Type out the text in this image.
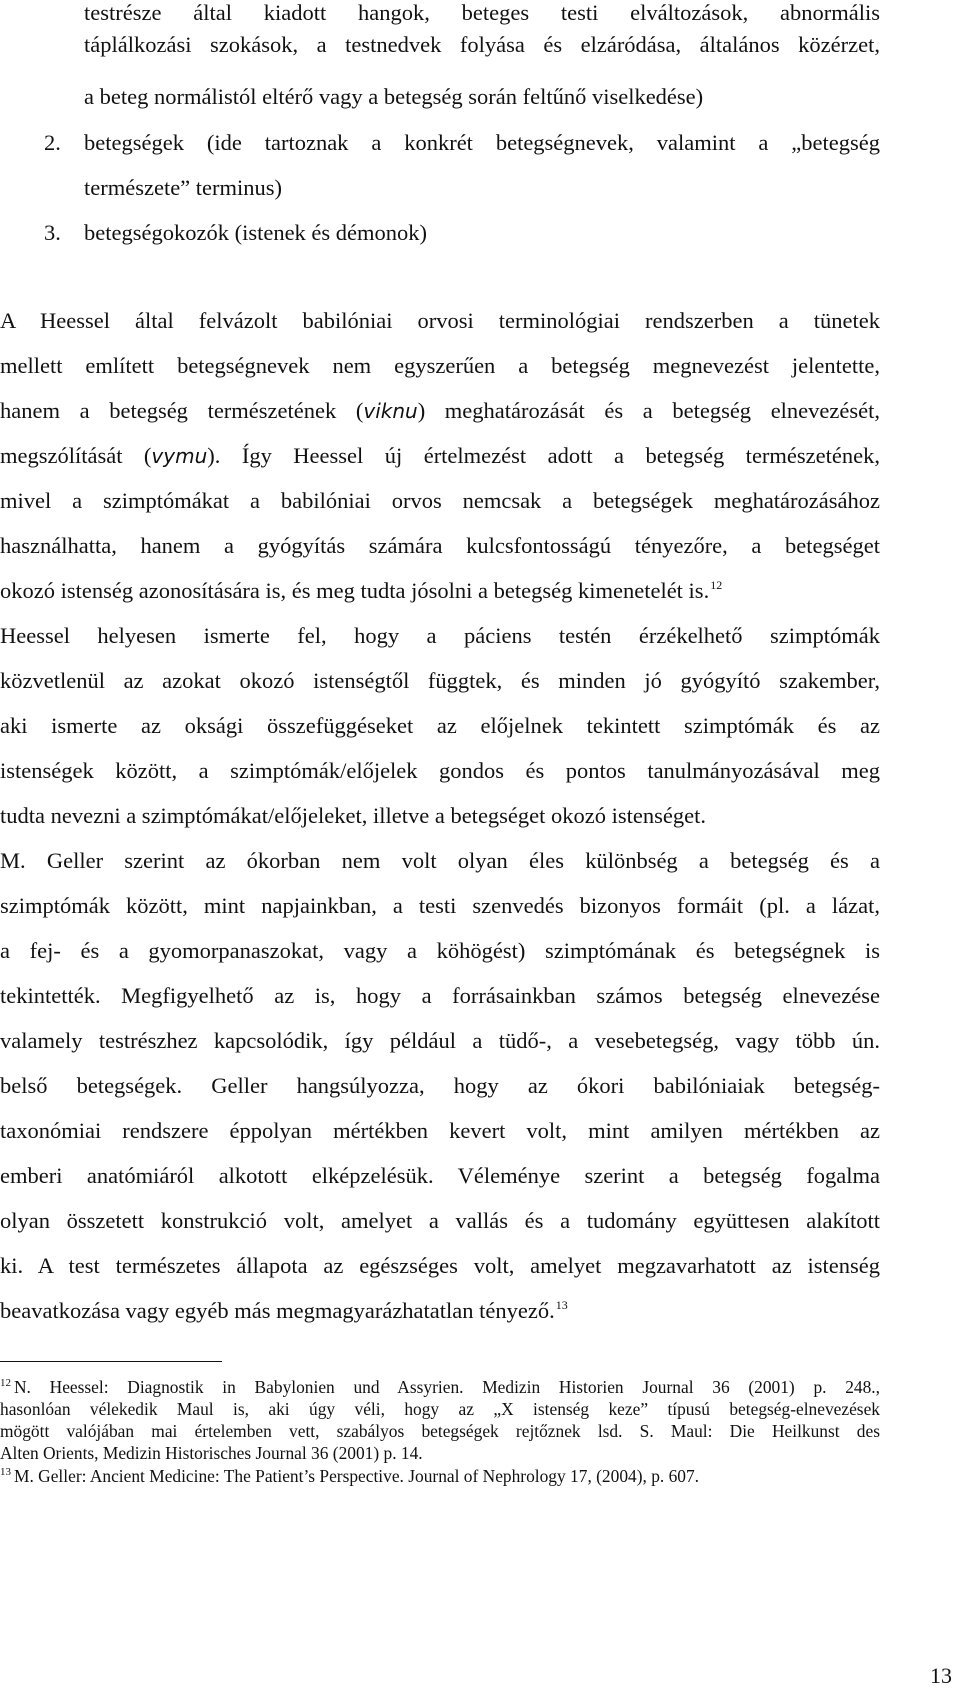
testrésze által kiadott hangok, beteges testi elváltozások, abnormális
táplálkozási szokások, a testnedvek folyása és elzáródása, általános közérzet,
a beteg normálistól eltérő vagy a betegség során feltűnő viselkedése)
2.	betegségek (ide tartoznak a konkrét betegségnevek, valamint a „betegség
természete” terminus)
3.	betegségokozók (istenek és démonok)
A Heessel által felvázolt babilóniai orvosi terminológiai rendszerben a tünetek
mellett említett betegségnevek nem egyszerűen a betegség megnevezést jelentette,
hanem a betegség természetének (viknu) meghatározását és a betegség elnevezését,
megszólítását (vymu). Így Heessel új értelmezést adott a betegség természetének,
mivel a szimptómákat a babilóniai orvos nemcsak a betegségek meghatározásához
használhatta, hanem a gyógyítás számára kulcsfontosságú tényezőre, a betegséget
okozó istenség azonosítására is, és meg tudta jósolni a betegség kimenetelét is.$^{12}$
Heessel helyesen ismerte fel, hogy a páciens testén érzékelhető szimptómák
közvetlenül az azokat okozó istenségtől függtek, és minden jó gyógyító szakember,
aki ismerte az oksági összefüggéseket az előjelnek tekintett szimptómák és az
istenségek között, a szimptómák/előjelek gondos és pontos tanulmányozásával meg
tudta nevezni a szimptómákat/előjeleket, illetve a betegséget okozó istenséget.
M. Geller szerint az ókorban nem volt olyan éles különbség a betegség és a
szimptómák között, mint napjainkban, a testi szenvedés bizonyos formáit (pl. a lázat,
a fej- és a gyomorpanaszokat, vagy a köhögést) szimptómának és betegségnek is
tekintették. Megfigyelhető az is, hogy a forrásainkban számos betegség elnevezése
valamely testrészhez kapcsolódik, így például a tüdő-, a vesebetegség, vagy több ún.
belső betegségek. Geller hangsúlyozza, hogy az ókori babilóniaiak betegség-
taxonómiai rendszere éppolyan mértékben kevert volt, mint amilyen mértékben az
emberi anatómiáról alkotott elképzelésük. Véleménye szerint a betegség fogalma
olyan összetett konstrukció volt, amelyet a vallás és a tudomány együttesen alakított
ki. A test természetes állapota az egészséges volt, amelyet megzavarhatott az istenség
beavatkozása vagy egyéb más megmagyarázhatatlan tényező.$^{13}$
$^{12}$ N. Heessel: Diagnostik in Babylonien und Assyrien. Medizin Historien Journal 36 (2001) p. 248.,
hasonlóan vélekedik Maul is, aki úgy véli, hogy az „X istenség keze” típusú betegség-elnevezések
mögött valójában mai értelemben vett, szabályos betegségek rejtőznek lsd. S. Maul: Die Heilkunst des
Alten Orients, Medizin Historisches Journal 36 (2001) p. 14.
$^{13}$ M. Geller: Ancient Medicine: The Patient’s Perspective. Journal of Nephrology 17, (2004), p. 607.
13
